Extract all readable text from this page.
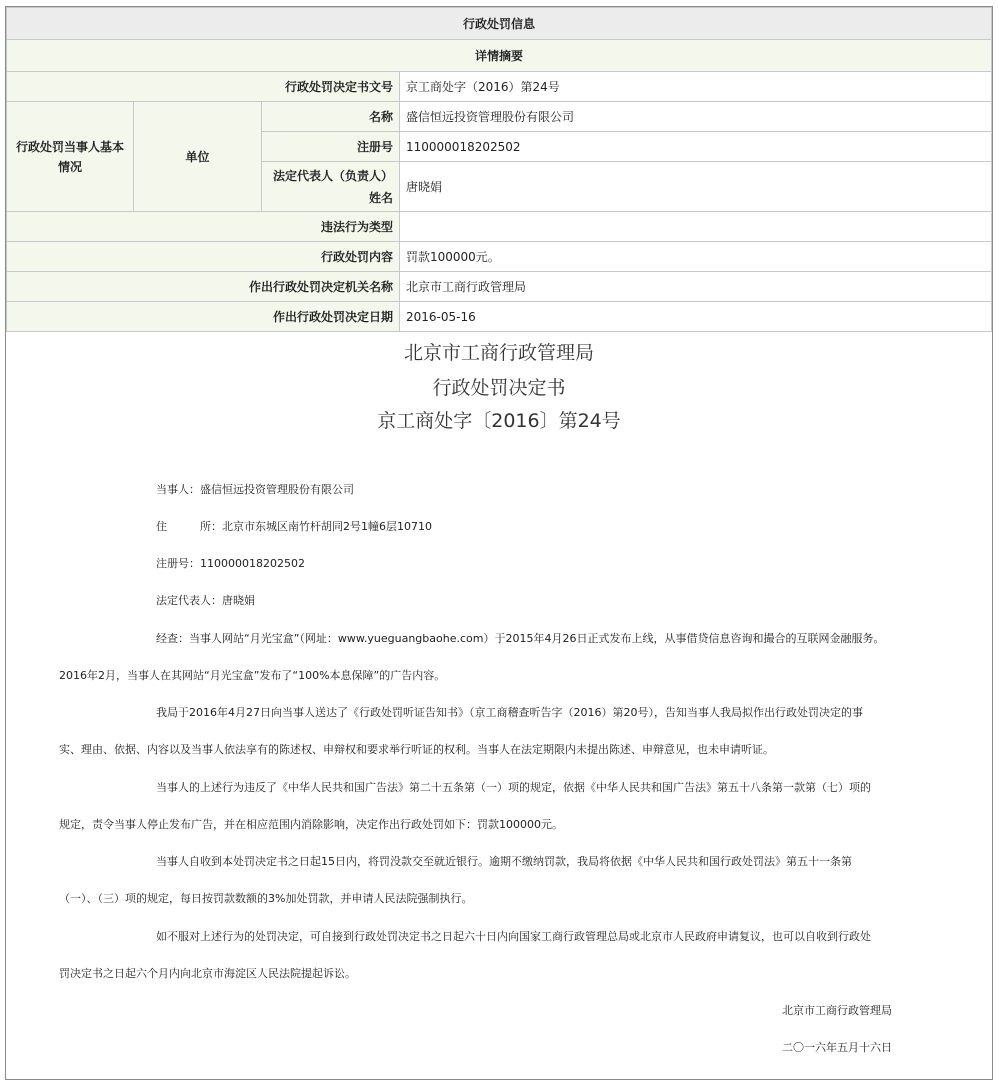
行政处罚信息			
详情摘要			
行政处罚决定书文号			京工商处字（2016）第24号
行政处罚当事人基本情况	单位	名称	盛信恒远投资管理股份有限公司
		注册号	110000018202502
		法定代表人（负责人）姓名	唐晓娟
违法行为类型			
行政处罚内容			罚款100000元。
作出行政处罚决定机关名称			北京市工商行政管理局
作出行政处罚决定日期			2016-05-16
北京市工商行政管理局
行政处罚决定书
京工商处字〔2016〕第24号
当事人：盛信恒远投资管理股份有限公司
住　　　所：北京市东城区南竹杆胡同2号1幢6层10710
注册号：110000018202502
法定代表人：唐晓娟
经查：当事人网站“月光宝盒”（网址：www.yueguangbaohe.com）于2015年4月26日正式发布上线，从事借贷信息咨询和撮合的互联网金融服务。
2016年2月，当事人在其网站“月光宝盒”发布了“100%本息保障”的广告内容。
我局于2016年4月27日向当事人送达了《行政处罚听证告知书》（京工商稽查听告字（2016）第20号），告知当事人我局拟作出行政处罚决定的事
实、理由、依据、内容以及当事人依法享有的陈述权、申辩权和要求举行听证的权利。当事人在法定期限内未提出陈述、申辩意见，也未申请听证。
当事人的上述行为违反了《中华人民共和国广告法》第二十五条第（一）项的规定，依据《中华人民共和国广告法》第五十八条第一款第（七）项的
规定，责令当事人停止发布广告，并在相应范围内消除影响，决定作出行政处罚如下：罚款100000元。
当事人自收到本处罚决定书之日起15日内，将罚没款交至就近银行。逾期不缴纳罚款，我局将依据《中华人民共和国行政处罚法》第五十一条第
（一）、（三）项的规定，每日按罚款数额的3%加处罚款，并申请人民法院强制执行。
如不服对上述行为的处罚决定，可自接到行政处罚决定书之日起六十日内向国家工商行政管理总局或北京市人民政府申请复议，也可以自收到行政处
罚决定书之日起六个月内向北京市海淀区人民法院提起诉讼。
北京市工商行政管理局
二〇一六年五月十六日
